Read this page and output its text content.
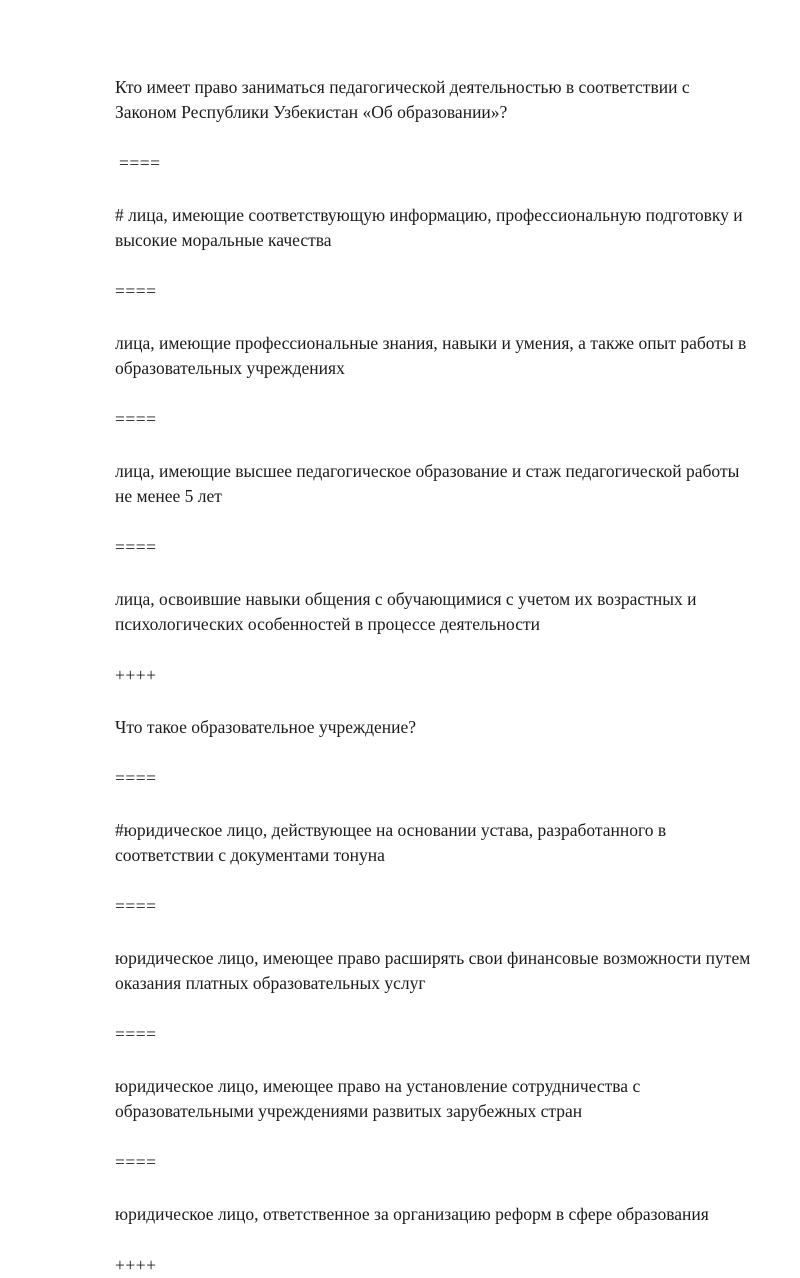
Кто имеет право заниматься педагогической деятельностью в соответствии с Законом Республики Узбекистан «Об образовании»?

====

# лица, имеющие соответствующую информацию, профессиональную подготовку и высокие моральные качества

====

лица, имеющие профессиональные знания, навыки и умения, а также опыт работы в образовательных учреждениях

====

лица, имеющие высшее педагогическое образование и стаж педагогической работы не менее 5 лет

====

лица, освоившие навыки общения с обучающимися с учетом их возрастных и психологических особенностей в процессе деятельности

++++

Что такое образовательное учреждение?

====

#юридическое лицо, действующее на основании устава, разработанного в соответствии с документами тонуна

====

юридическое лицо, имеющее право расширять свои финансовые возможности путем оказания платных образовательных услуг

====

юридическое лицо, имеющее право на установление сотрудничества с образовательными учреждениями развитых зарубежных стран

====

юридическое лицо, ответственное за организацию реформ в сфере образования

++++
